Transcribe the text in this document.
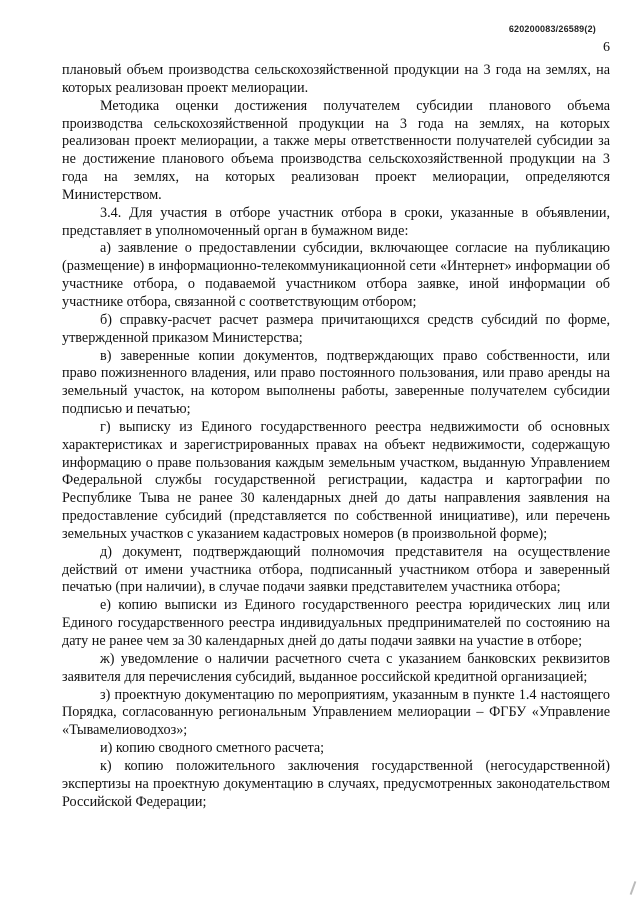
620200083/26589(2)
6

плановый объем производства сельскохозяйственной продукции на 3 года на землях, на которых реализован проект мелиорации.

Методика оценки достижения получателем субсидии планового объема производства сельскохозяйственной продукции на 3 года на землях, на которых реализован проект мелиорации, а также меры ответственности получателей субсидии за не достижение планового объема производства сельскохозяйственной продукции на 3 года на землях, на которых реализован проект мелиорации, определяются Министерством.

3.4. Для участия в отборе участник отбора в сроки, указанные в объявлении, представляет в уполномоченный орган в бумажном виде:

а) заявление о предоставлении субсидии, включающее согласие на публикацию (размещение) в информационно-телекоммуникационной сети «Интернет» информации об участнике отбора, о подаваемой участником отбора заявке, иной информации об участнике отбора, связанной с соответствующим отбором;

б) справку-расчет расчет размера причитающихся средств субсидий по форме, утвержденной приказом Министерства;

в) заверенные копии документов, подтверждающих право собственности, или право пожизненного владения, или право постоянного пользования, или право аренды на земельный участок, на котором выполнены работы, заверенные получателем субсидии подписью и печатью;

г) выписку из Единого государственного реестра недвижимости об основных характеристиках и зарегистрированных правах на объект недвижимости, содержащую информацию о праве пользования каждым земельным участком, выданную Управлением Федеральной службы государственной регистрации, кадастра и картографии по Республике Тыва не ранее 30 календарных дней до даты направления заявления на предоставление субсидий (представляется по собственной инициативе), или перечень земельных участков с указанием кадастровых номеров (в произвольной форме);

д) документ, подтверждающий полномочия представителя на осуществление действий от имени участника отбора, подписанный участником отбора и заверенный печатью (при наличии), в случае подачи заявки представителем участника отбора;

е) копию выписки из Единого государственного реестра юридических лиц или Единого государственного реестра индивидуальных предпринимателей по состоянию на дату не ранее чем за 30 календарных дней до даты подачи заявки на участие в отборе;

ж) уведомление о наличии расчетного счета с указанием банковских реквизитов заявителя для перечисления субсидий, выданное российской кредитной организацией;

з) проектную документацию по мероприятиям, указанным в пункте 1.4 настоящего Порядка, согласованную региональным Управлением мелиорации – ФГБУ «Управление «Тывамелиоводхоз»;

и) копию сводного сметного расчета;

к) копию положительного заключения государственной (негосударственной) экспертизы на проектную документацию в случаях, предусмотренных законодательством Российской Федерации;
